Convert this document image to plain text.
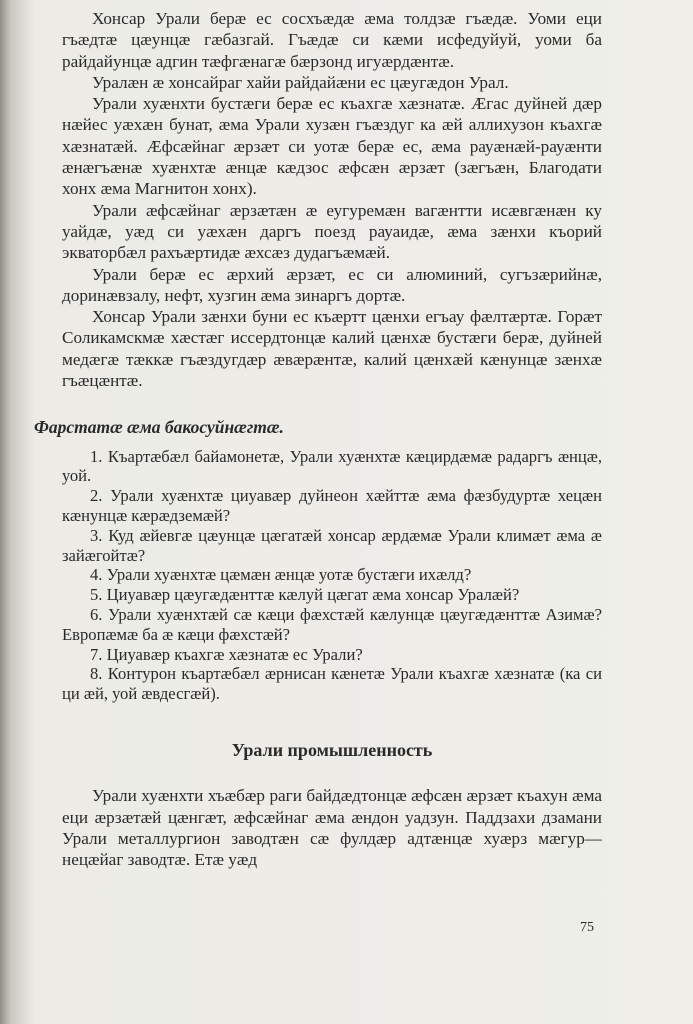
Хонсар Урали берæ ес сосхъæдæ æма толдзæ гъæдæ. Уоми еци гъæдтæ цæунцæ гæбазгай. Гъæдæ си кæми исфедуйуй, уоми ба райдайунцæ адгин тæфгæнагæ бæрзонд игуæрдæнтæ.

Уралæн æ хонсайраг хайи райдайæни ес цæугæдон Урал.

Урали хуæнхти бустæги берæ ес къахгæ хæзнатæ. Æгас дуйней дæр нæйес уæхæн бунат, æма Урали хузæн гъæздуг ка æй аллихузон къахгæ хæзнатæй. Æфсæйнаг æрзæт си уотæ берæ ес, æма рауæнæй-рауæнти æнæгъæнæ хуæнхтæ æнцæ кæдзос æфсæн æрзæт (зæгъæн, Благодати хонх æма Магнитон хонх).

Урали æфсæйнаг æрзæтæн æ еугуремæн вагæнтти исæвгæнæн ку уайдæ, уæд си уæхæн даргъ поезд рауаидæ, æма зæнхи къорий экваторбæл рахъæртидæ æхсæз дудагъæмæй.

Урали берæ ес æрхий æрзæт, ес си алюминий, сугъзæрийнæ, доринæвзалу, нефт, хузгин æма зинаргъ дортæ.

Хонсар Урали зæнхи буни ес къæртт цæнхи егъау фæлтæртæ. Горæт Соликамскмæ хæстæг иссердтонцæ калий цæнхæ бустæги берæ, дуйней медæгæ тæккæ гъæздугдæр æвæрæнтæ, калий цæнхæй кæнунцæ зæнхæ гъæцæнтæ.

Фарстатæ æма бакосуйнæгтæ.
1. Къартæбæл байамонетæ, Урали хуæнхтæ кæцирдæмæ радаргъ æнцæ, уой.
2. Урали хуæнхтæ циуавæр дуйнеон хæйттæ æма фæзбудуртæ хецæн кæнунцæ кæрæдземæй?
3. Куд æйевгæ цæунцæ цæгатæй хонсар æрдæмæ Урали климæт æма æ зайæгойтæ?
4. Урали хуæнхтæ цæмæн æнцæ уотæ бустæги ихæлд?
5. Циуавæр цæугæдæнттæ кæлуй цæгат æма хонсар Уралæй?
6. Урали хуæнхтæй сæ кæци фæхстæй кæлунцæ цæугæдæнттæ Азимæ? Европæмæ ба æ кæци фæхстæй?
7. Циуавæр къахгæ хæзнатæ ес Урали?
8. Контурон къартæбæл æрнисан кæнетæ Урали къахгæ хæзнатæ (ка си ци æй, уой æвдесгæй).
Урали промышленность

Урали хуæнхти хъæбæр раги байдæдтонцæ æфсæн æрзæт къахун æма еци æрзæтæй цæнгæт, æфсæйнаг æма æндон уадзун. Паддзахи дзамани Урали металлургион заводтæн сæ фулдæр адтæнцæ хуæрз мæгур—нецæйаг заводтæ. Етæ уæд

75
